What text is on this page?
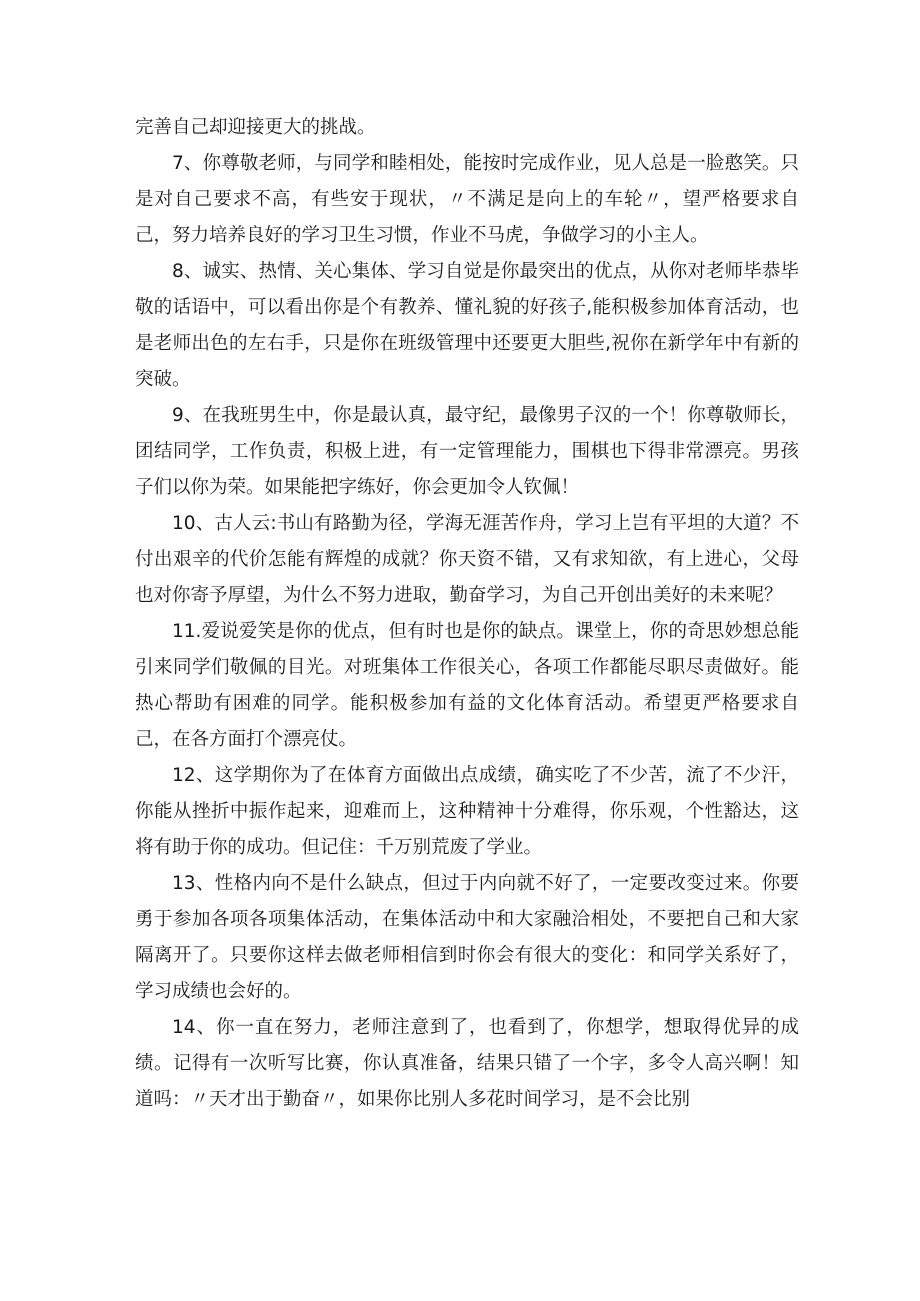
完善自己却迎接更大的挑战。

7、你尊敬老师，与同学和睦相处，能按时完成作业，见人总是一脸憨笑。只是对自己要求不高，有些安于现状，〃不满足是向上的车轮〃，望严格要求自己，努力培养良好的学习卫生习惯，作业不马虎，争做学习的小主人。

8、诚实、热情、关心集体、学习自觉是你最突出的优点，从你对老师毕恭毕敬的话语中，可以看出你是个有教养、懂礼貌的好孩子,能积极参加体育活动，也是老师出色的左右手，只是你在班级管理中还要更大胆些,祝你在新学年中有新的突破。

9、在我班男生中，你是最认真，最守纪，最像男子汉的一个！你尊敬师长，团结同学，工作负责，积极上进，有一定管理能力，围棋也下得非常漂亮。男孩子们以你为荣。如果能把字练好，你会更加令人钦佩！

10、古人云:书山有路勤为径，学海无涯苦作舟，学习上岂有平坦的大道？不付出艰辛的代价怎能有辉煌的成就？你天资不错，又有求知欲，有上进心，父母也对你寄予厚望，为什么不努力进取，勤奋学习，为自己开创出美好的未来呢？

11.爱说爱笑是你的优点，但有时也是你的缺点。课堂上，你的奇思妙想总能引来同学们敬佩的目光。对班集体工作很关心，各项工作都能尽职尽责做好。能热心帮助有困难的同学。能积极参加有益的文化体育活动。希望更严格要求自己，在各方面打个漂亮仗。

12、这学期你为了在体育方面做出点成绩，确实吃了不少苦，流了不少汗，你能从挫折中振作起来，迎难而上，这种精神十分难得，你乐观，个性豁达，这将有助于你的成功。但记住：千万别荒废了学业。

13、性格内向不是什么缺点，但过于内向就不好了，一定要改变过来。你要勇于参加各项各项集体活动，在集体活动中和大家融洽相处，不要把自己和大家隔离开了。只要你这样去做老师相信到时你会有很大的变化：和同学关系好了，学习成绩也会好的。

14、你一直在努力，老师注意到了，也看到了，你想学，想取得优异的成绩。记得有一次听写比赛，你认真准备，结果只错了一个字，多令人高兴啊！知道吗：〃天才出于勤奋〃，如果你比别人多花时间学习，是不会比别
